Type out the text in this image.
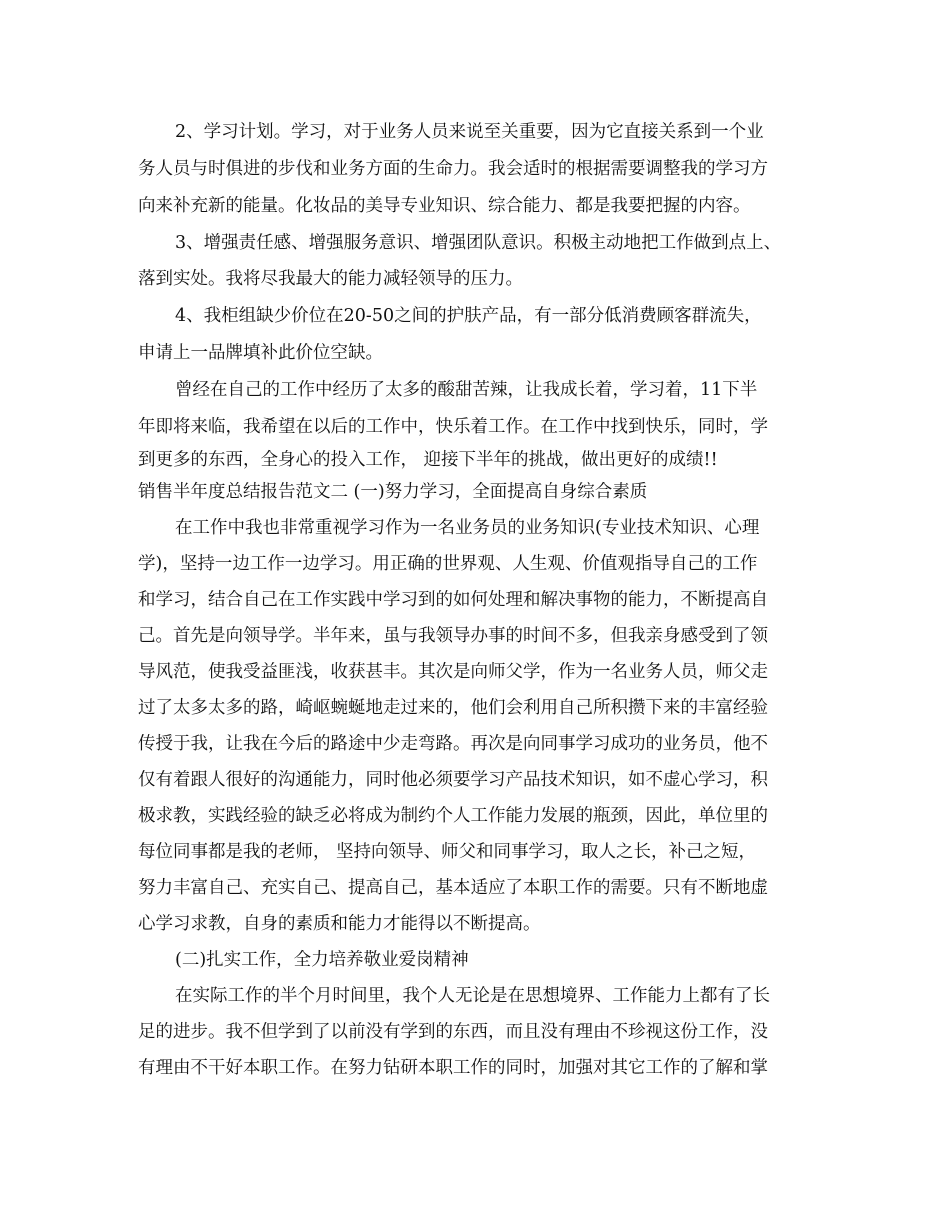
2、学习计划。学习，对于业务人员来说至关重要，因为它直接关系到一个业
务人员与时俱进的步伐和业务方面的生命力。我会适时的根据需要调整我的学习方
向来补充新的能量。化妆品的美导专业知识、综合能力、都是我要把握的内容。
3、增强责任感、增强服务意识、增强团队意识。积极主动地把工作做到点上、
落到实处。我将尽我最大的能力减轻领导的压力。
4、我柜组缺少价位在20-50之间的护肤产品，有一部分低消费顾客群流失，
申请上一品牌填补此价位空缺。
曾经在自己的工作中经历了太多的酸甜苦辣，让我成长着，学习着，11下半
年即将来临，我希望在以后的工作中，快乐着工作。在工作中找到快乐，同时，学
到更多的东西，全身心的投入工作， 迎接下半年的挑战，做出更好的成绩!!
销售半年度总结报告范文二 (一)努力学习，全面提高自身综合素质
在工作中我也非常重视学习作为一名业务员的业务知识(专业技术知识、心理
学)，坚持一边工作一边学习。用正确的世界观、人生观、价值观指导自己的工作
和学习，结合自己在工作实践中学习到的如何处理和解决事物的能力，不断提高自
己。首先是向领导学。半年来，虽与我领导办事的时间不多，但我亲身感受到了领
导风范，使我受益匪浅，收获甚丰。其次是向师父学，作为一名业务人员，师父走
过了太多太多的路，崎岖蜿蜒地走过来的，他们会利用自己所积攒下来的丰富经验
传授于我，让我在今后的路途中少走弯路。再次是向同事学习成功的业务员，他不
仅有着跟人很好的沟通能力，同时他必须要学习产品技术知识，如不虚心学习，积
极求教，实践经验的缺乏必将成为制约个人工作能力发展的瓶颈，因此，单位里的
每位同事都是我的老师， 坚持向领导、师父和同事学习，取人之长，补己之短，
努力丰富自己、充实自己、提高自己，基本适应了本职工作的需要。只有不断地虚
心学习求教，自身的素质和能力才能得以不断提高。
(二)扎实工作，全力培养敬业爱岗精神
在实际工作的半个月时间里，我个人无论是在思想境界、工作能力上都有了长
足的进步。我不但学到了以前没有学到的东西，而且没有理由不珍视这份工作，没
有理由不干好本职工作。在努力钻研本职工作的同时，加强对其它工作的了解和掌
